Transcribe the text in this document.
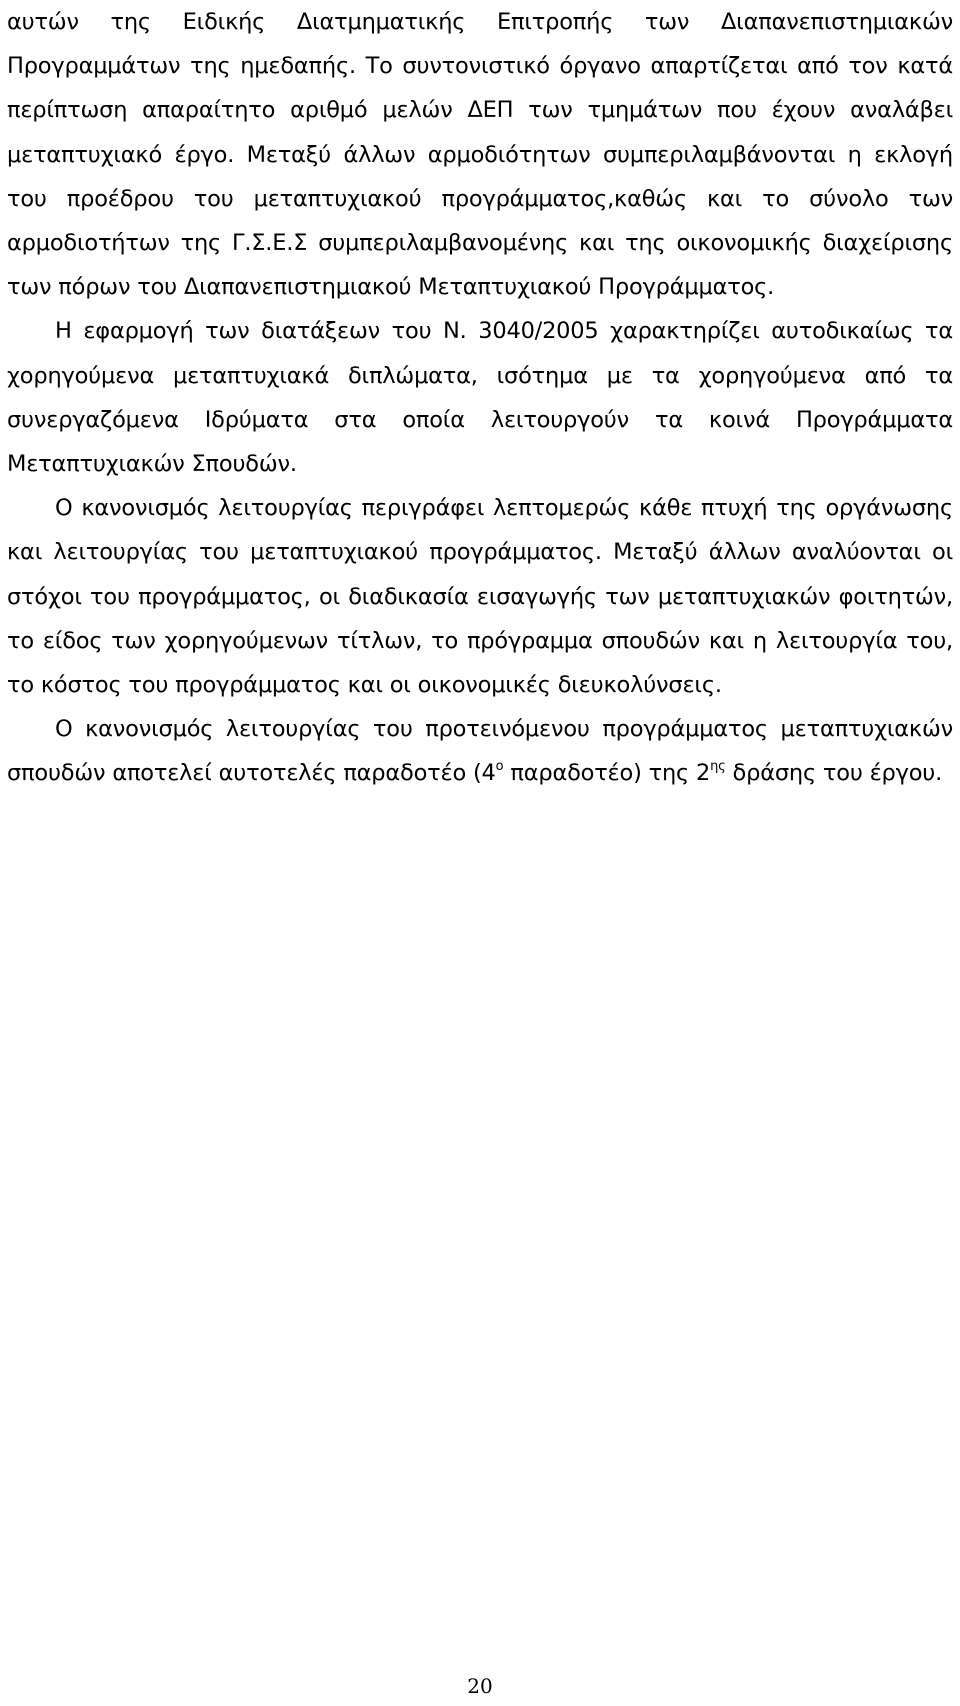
αυτών της Ειδικής Διατμηματικής Επιτροπής των Διαπανεπιστημιακών Προγραμμάτων της ημεδαπής. Το συντονιστικό όργανο απαρτίζεται από τον κατά περίπτωση απαραίτητο αριθμό μελών ΔΕΠ των τμημάτων που έχουν αναλάβει μεταπτυχιακό έργο. Μεταξύ άλλων αρμοδιότητων συμπεριλαμβάνονται η εκλογή του προέδρου του μεταπτυχιακού προγράμματος,καθώς και το σύνολο των αρμοδιοτήτων της Γ.Σ.Ε.Σ συμπεριλαμβανομένης και της οικονομικής διαχείρισης των πόρων του Διαπανεπιστημιακού Μεταπτυχιακού Προγράμματος.

Η εφαρμογή των διατάξεων του Ν. 3040/2005 χαρακτηρίζει αυτοδικαίως τα χορηγούμενα μεταπτυχιακά διπλώματα, ισότημα με τα χορηγούμενα από τα συνεργαζόμενα Ιδρύματα στα οποία λειτουργούν τα κοινά Προγράμματα Μεταπτυχιακών Σπουδών.

Ο κανονισμός λειτουργίας περιγράφει λεπτομερώς κάθε πτυχή της οργάνωσης και λειτουργίας του μεταπτυχιακού προγράμματος. Μεταξύ άλλων αναλύονται οι στόχοι του προγράμματος, οι διαδικασία εισαγωγής των μεταπτυχιακών φοιτητών, το είδος των χορηγούμενων τίτλων, το πρόγραμμα σπουδών και η λειτουργία του, το κόστος του προγράμματος και οι οικονομικές διευκολύνσεις.

Ο κανονισμός λειτουργίας του προτεινόμενου προγράμματος μεταπτυχιακών σπουδών αποτελεί αυτοτελές παραδοτέο ($4^o$ παραδοτέο) της $2^{\eta\varsigma}$ δράσης του έργου.

20
